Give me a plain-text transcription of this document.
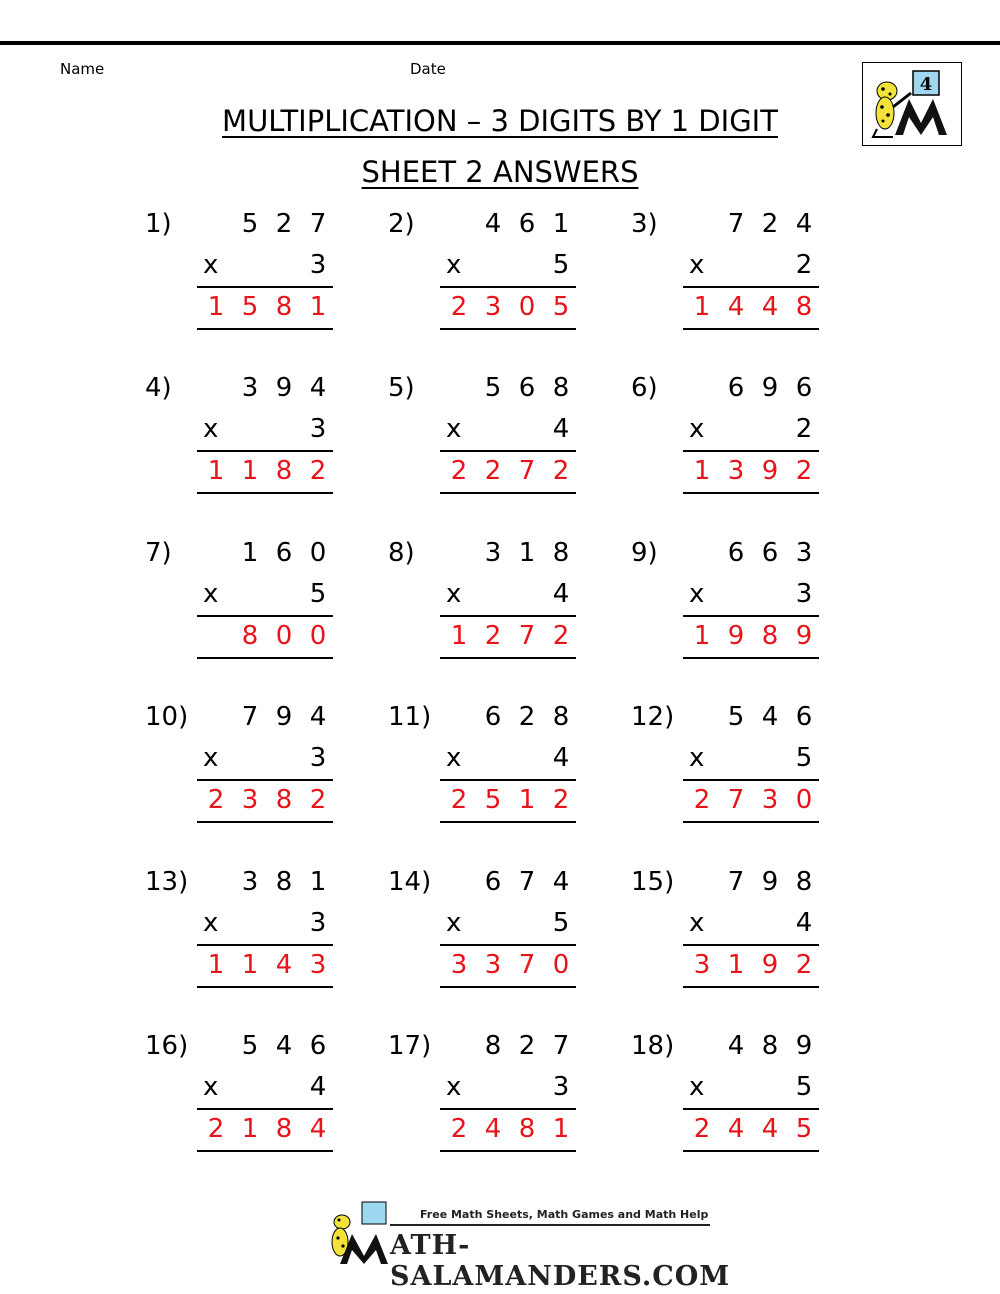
Name	Date
4
MULTIPLICATION – 3 DIGITS BY 1 DIGIT
SHEET 2 ANSWERS
1)	5 2 7
3
x
1 5 8 1
2)	4 6 1
5
x
2 3 0 5
3)	7 2 4
2
x
1 4 4 8
4)	3 9 4
3
x
1 1 8 2
5)	5 6 8
4
x
2 2 7 2
6)	6 9 6
2
x
1 3 9 2
7)	1 6 0
5
x
8 0 0
8)	3 1 8
4
x
1 2 7 2
9)	6 6 3
3
x
1 9 8 9
10)	7 9 4
3
x
2 3 8 2
11)	6 2 8
4
x
2 5 1 2
12)	5 4 6
5
x
2 7 3 0
13)	3 8 1
3
x
1 1 4 3
14)	6 7 4
5
x
3 3 7 0
15)	7 9 8
4
x
3 1 9 2
16)	5 4 6
4
x
2 1 8 4
17)	8 2 7
3
x
2 4 8 1
18)	4 8 9
5
x
2 4 4 5
Free Math Sheets, Math Games and Math Help
ATH-SALAMANDERS.COM
